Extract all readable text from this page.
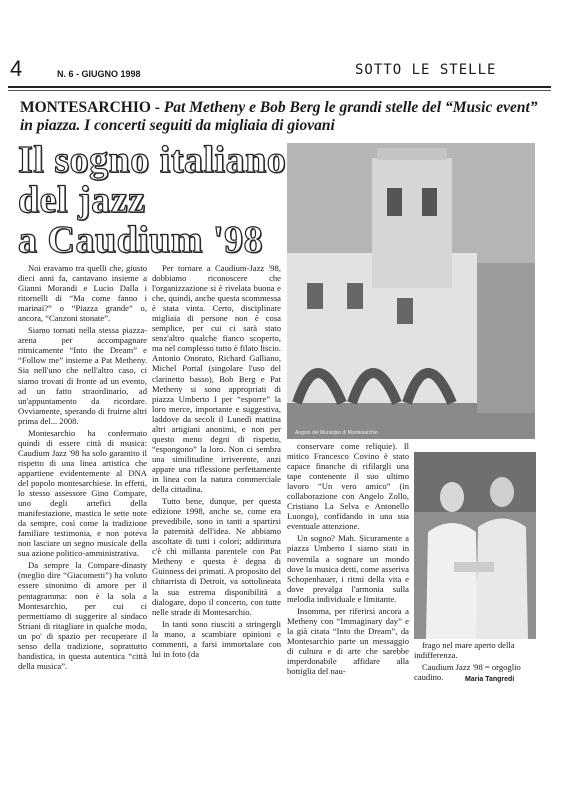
4	N. 6 - GIUGNO 1998	SOTTO LE STELLE
MONTESARCHIO - Pat Metheny e Bob Berg le grandi stelle del “Music event” in piazza. I concerti seguiti da migliaia di giovani
Angolo del Municipio di Montesarchio
Il sogno italiano
del jazz
a Caudium '98

Noi eravamo tra quelli che, giusto dieci anni fa, cantavano insieme a Gianni Morandi e Lucio Dalla i ritornelli di “Ma come fanno i marinai?” o “Piazza grande” o, ancora, “Canzoni stonate”.

Siamo tornati nella stessa piazza-arena per accompagnare ritmicamente “Into the Dream” e “Follow me” insieme a Pat Metheny. Sia nell'uno che nell'altro caso, ci siamo trovati di fronte ad un evento, ad un fatto straordinario, ad un'appuntamento da ricordare. Ovviamente, sperando di fruirne altri prima del... 2008.

Montesarchio ha confermato quindi di essere città di musica: Caudium Jazz '98 ha solo garantito il rispetto di una linea artistica che appartiene evidentemente al DNA del popolo montesarchiese. In effetti, lo stesso assessore Gino Compare, uno degli artefici della manifestazione, mastica le sette note da sempre, così come la tradizione familiare testimonia, e non poteva non lasciare un segno musicale della sua azione politico-amministrativa.

Da sempre la Compare-dinasty (meglio dire “Giacometti”) ha voluto essere sinonimo di amore per il pentagramma: non è la sola a Montesarchio, per cui ci permettiamo di suggerire al sindaco Striani di ritagliare in qualche modo, un po' di spazio per recuperare il senso della tradizione, soprattutto bandistica, in questa autentica “città della musica”.

Per tornare a Caudium-Jazz '98, dobbiamo riconoscere che l'organizzazione si è rivelata buona e che, quindi, anche questa scommessa è stata vinta. Certo, disciplinare migliaia di persone non è cosa semplice, per cui ci sarà stato senz'altro qualche fianco scoperto, ma nel complesso tutto è filato liscio. Antonio Onorato, Richard Galliano, Michel Portal (singolare l'uso del clarinetto basso), Bob Berg e Pat Metheny si sono appropriati di piazza Umberto I per “esporre” la loro merce, importante e suggestiva, laddove da secoli il Lunedì mattina altri artigiani anonimi, e non per questo meno degni di rispetto, “espongono” la loro. Non ci sembra una similitudine irriverente, anzi appare una riflessione perfettamente in linea con la natura commerciale della cittadina.

Tutto bene, dunque, per questa edizione 1998, anche se, come era prevedibile, sono in tanti a spartirsi la paternità dell'idea. Ne abbiamo ascoltate di tutti i colori; addirittura c'è chi millanta parentele con Pat Metheny e questa è degna di Guinness dei primati. A proposito del chitarrista di Detroit, va sottolineata la sua estrema disponibilità a dialogare, dopo il concerto, con tutte nelle strade di Montesarchio.

In tanti sono riusciti a stringergli la mano, a scambiare opinioni e commenti, a farsi immortalare con lui in foto (da

conservare come reliquie). Il mitico Francesco Covino è stato capace finanche di rifilargli una tape contenente il suo ultimo lavoro “Un vero amico” (in collaborazione con Angelo Zollo, Cristiano La Selva e Antonello Luongo), confidando in una sua eventuale attenzione.

Un sogno? Mah. Sicuramente a piazza Umberto I siamo stati in novemila a sognare un mondo dove la musica detti, come asseriva Schopenhauer, i ritmi della vita e dove prevalga l'armonia sulla melodia individuale e limitante.

Insomma, per riferirsi ancora a Metheny con “Immaginary day” e la già citata “Into the Dream”, da Montesarchio parte un messaggio di cultura e di arte che sarebbe imperdonabile affidare alla bottiglia del nau-

frago nel mare aperto della indifferenza.

Caudium Jazz '98 = orgoglio caudino.	Maria Tangredi
